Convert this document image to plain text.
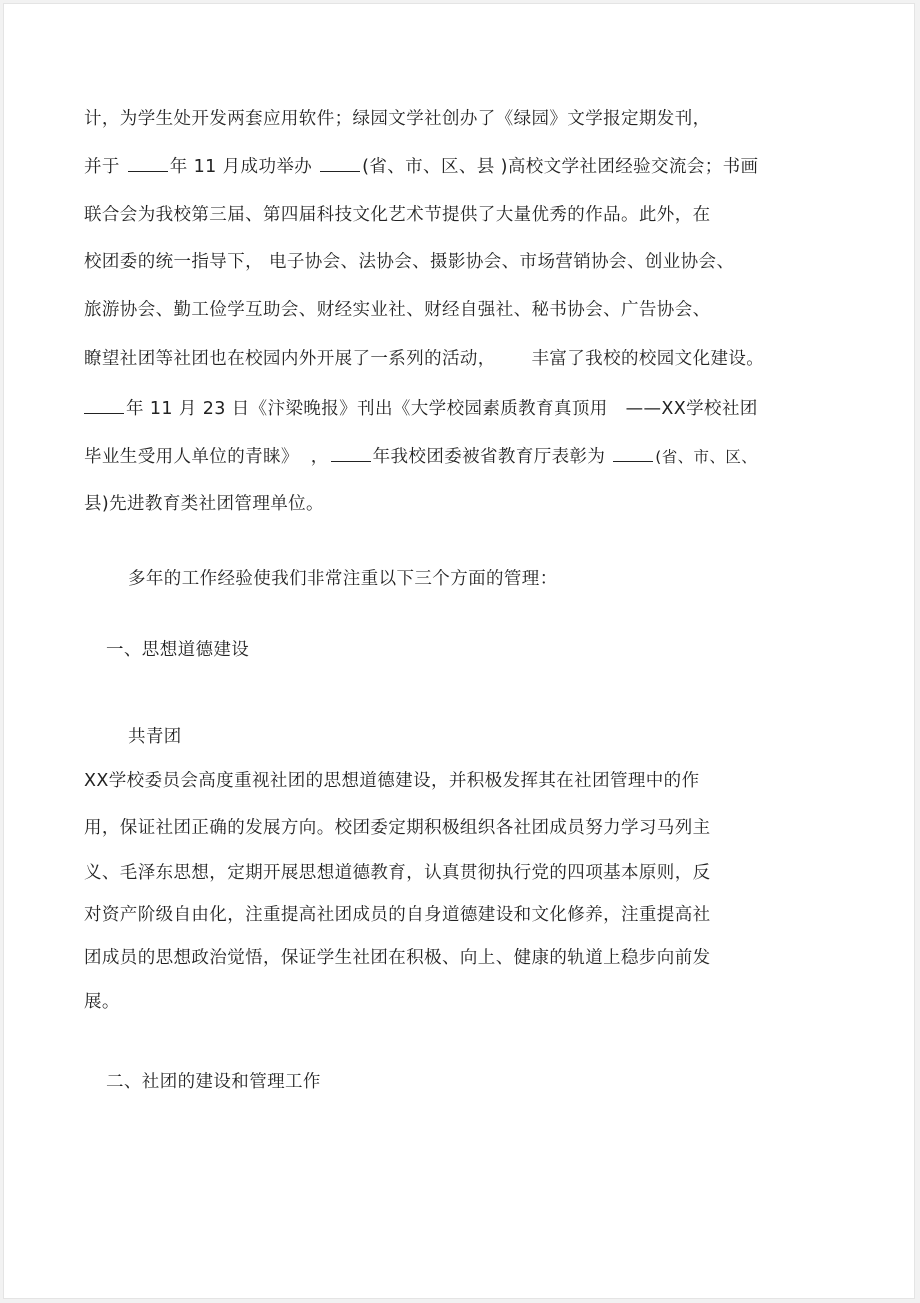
计，为学生处开发两套应用软件；绿园文学社创办了《绿园》文学报定期发刊，
并于	年 11 月成功举办	(省、市、区、县 )高校文学社团经验交流会；书画
联合会为我校第三届、第四届科技文化艺术节提供了大量优秀的作品。此外，在
校团委的统一指导下， 电子协会、法协会、摄影协会、市场营销协会、创业协会、
旅游协会、勤工俭学互助会、财经实业社、财经自强社、秘书协会、广告协会、
瞭望社团等社团也在校园内外开展了一系列的活动，      丰富了我校的校园文化建设。
年 11 月 23 日《汴梁晚报》刊出《大学校园素质教育真顶用   ——XX学校社团
毕业生受用人单位的青睐》  ，	年我校团委被省教育厅表彰为	(省、市、区、
县)先进教育类社团管理单位。
多年的工作经验使我们非常注重以下三个方面的管理：
一、思想道德建设
共青团
XX学校委员会高度重视社团的思想道德建设，并积极发挥其在社团管理中的作
用，保证社团正确的发展方向。校团委定期积极组织各社团成员努力学习马列主
义、毛泽东思想，定期开展思想道德教育，认真贯彻执行党的四项基本原则，反
对资产阶级自由化，注重提高社团成员的自身道德建设和文化修养，注重提高社
团成员的思想政治觉悟，保证学生社团在积极、向上、健康的轨道上稳步向前发
展。
二、社团的建设和管理工作
